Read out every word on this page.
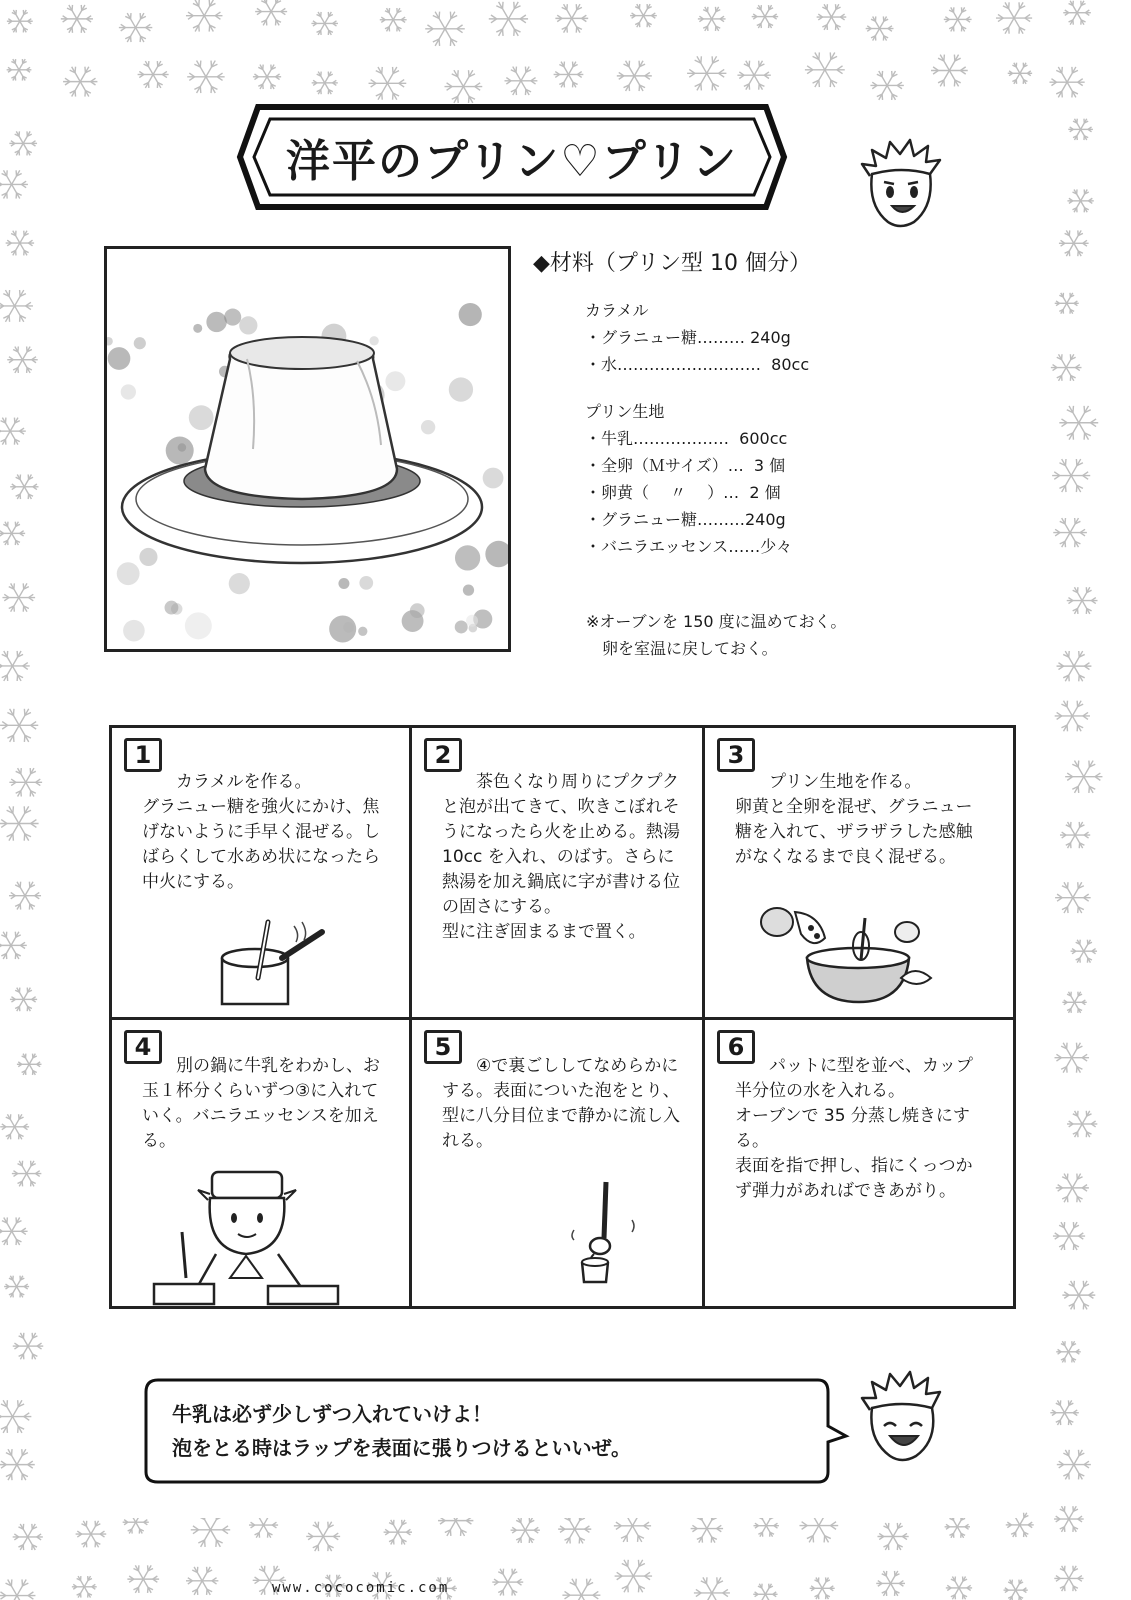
洋平のプリン♡プリン
◆材料（プリン型 10 個分）
カラメル
・グラニュー糖……… 240g
・水………………………  80cc
プリン生地
・牛乳………………  600cc
・全卵（Ｍサイズ）…  3 個
・卵黄（　 〃 　）…  2 個
・グラニュー糖………240g
・バニラエッセンス……少々
※オーブンを 150 度に温めておく。
　卵を室温に戻しておく。
1
カラメルを作る。
グラニュー糖を強火にかけ、焦げないように手早く混ぜる。しばらくして水あめ状になったら中火にする。
2
茶色くなり周りにプクプクと泡が出てきて、吹きこぼれそうになったら火を止める。熱湯 10cc を入れ、のばす。さらに熱湯を加え鍋底に字が書ける位の固さにする。
型に注ぎ固まるまで置く。
3
プリン生地を作る。
卵黄と全卵を混ぜ、グラニュー糖を入れて、ザラザラした感触がなくなるまで良く混ぜる。
4
別の鍋に牛乳をわかし、お玉１杯分くらいずつ③に入れていく。バニラエッセンスを加える。
5
④で裏ごししてなめらかにする。表面についた泡をとり、型に八分目位まで静かに流し入れる。
6
パットに型を並べ、カップ半分位の水を入れる。
オーブンで 35 分蒸し焼きにする。
表面を指で押し、指にくっつかず弾力があればできあがり。
牛乳は必ず少しずつ入れていけよ！
泡をとる時はラップを表面に張りつけるといいぜ。
www.cococomic.com
